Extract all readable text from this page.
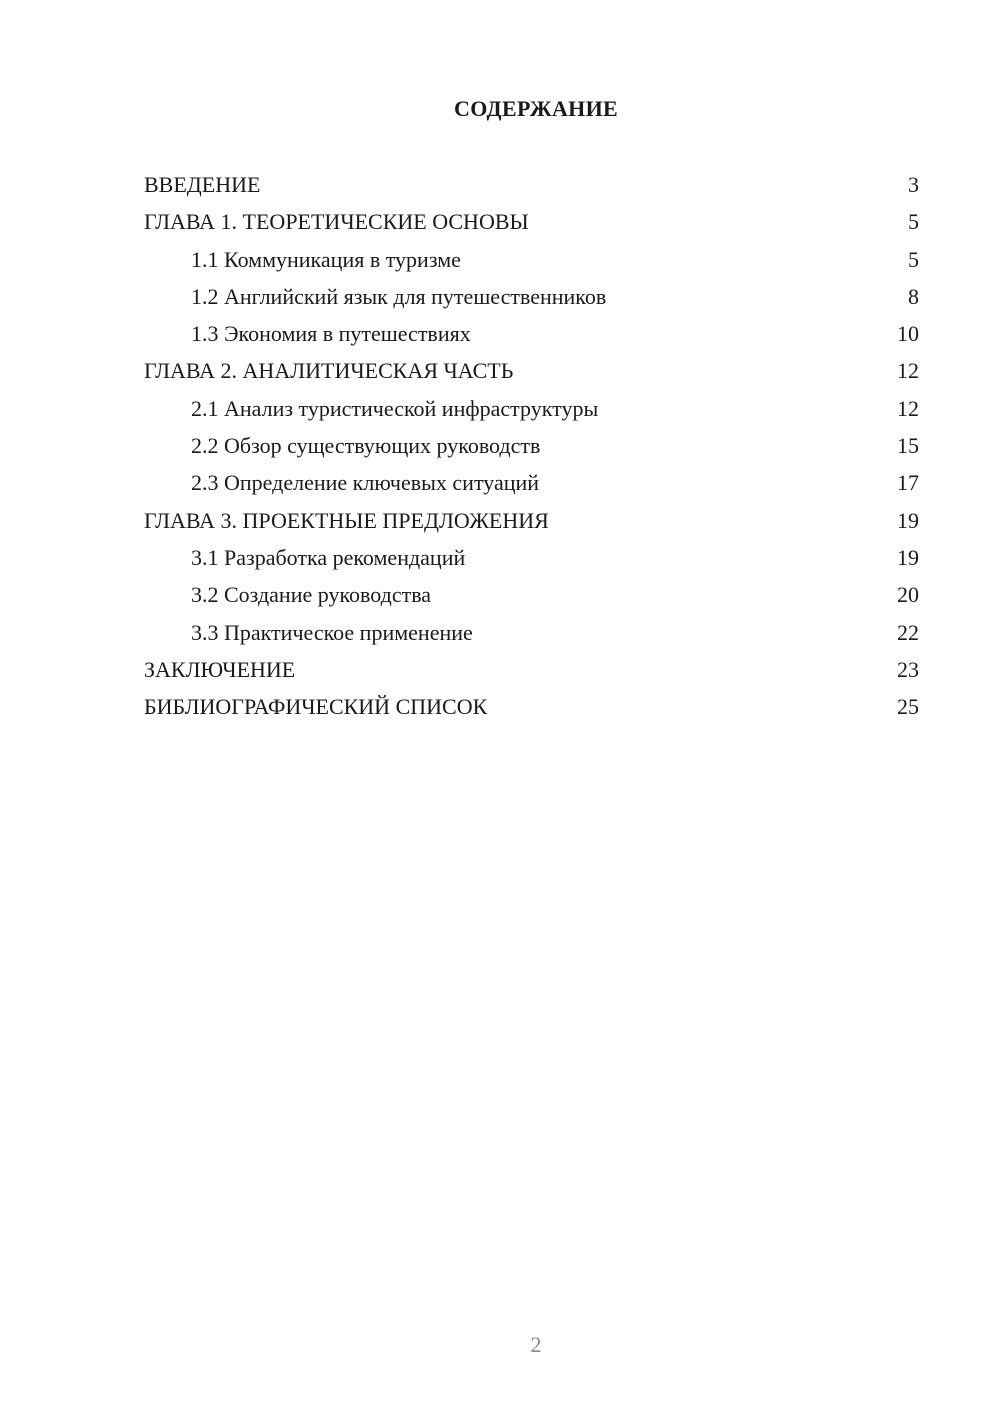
СОДЕРЖАНИЕ
ВВЕДЕНИЕ	3
ГЛАВА 1. ТЕОРЕТИЧЕСКИЕ ОСНОВЫ	5
1.1 Коммуникация в туризме	5
1.2 Английский язык для путешественников	8
1.3 Экономия в путешествиях	10
ГЛАВА 2. АНАЛИТИЧЕСКАЯ ЧАСТЬ	12
2.1 Анализ туристической инфраструктуры	12
2.2 Обзор существующих руководств	15
2.3 Определение ключевых ситуаций	17
ГЛАВА 3. ПРОЕКТНЫЕ ПРЕДЛОЖЕНИЯ	19
3.1 Разработка рекомендаций	19
3.2 Создание руководства	20
3.3 Практическое применение	22
ЗАКЛЮЧЕНИЕ	23
БИБЛИОГРАФИЧЕСКИЙ СПИСОК	25
2
